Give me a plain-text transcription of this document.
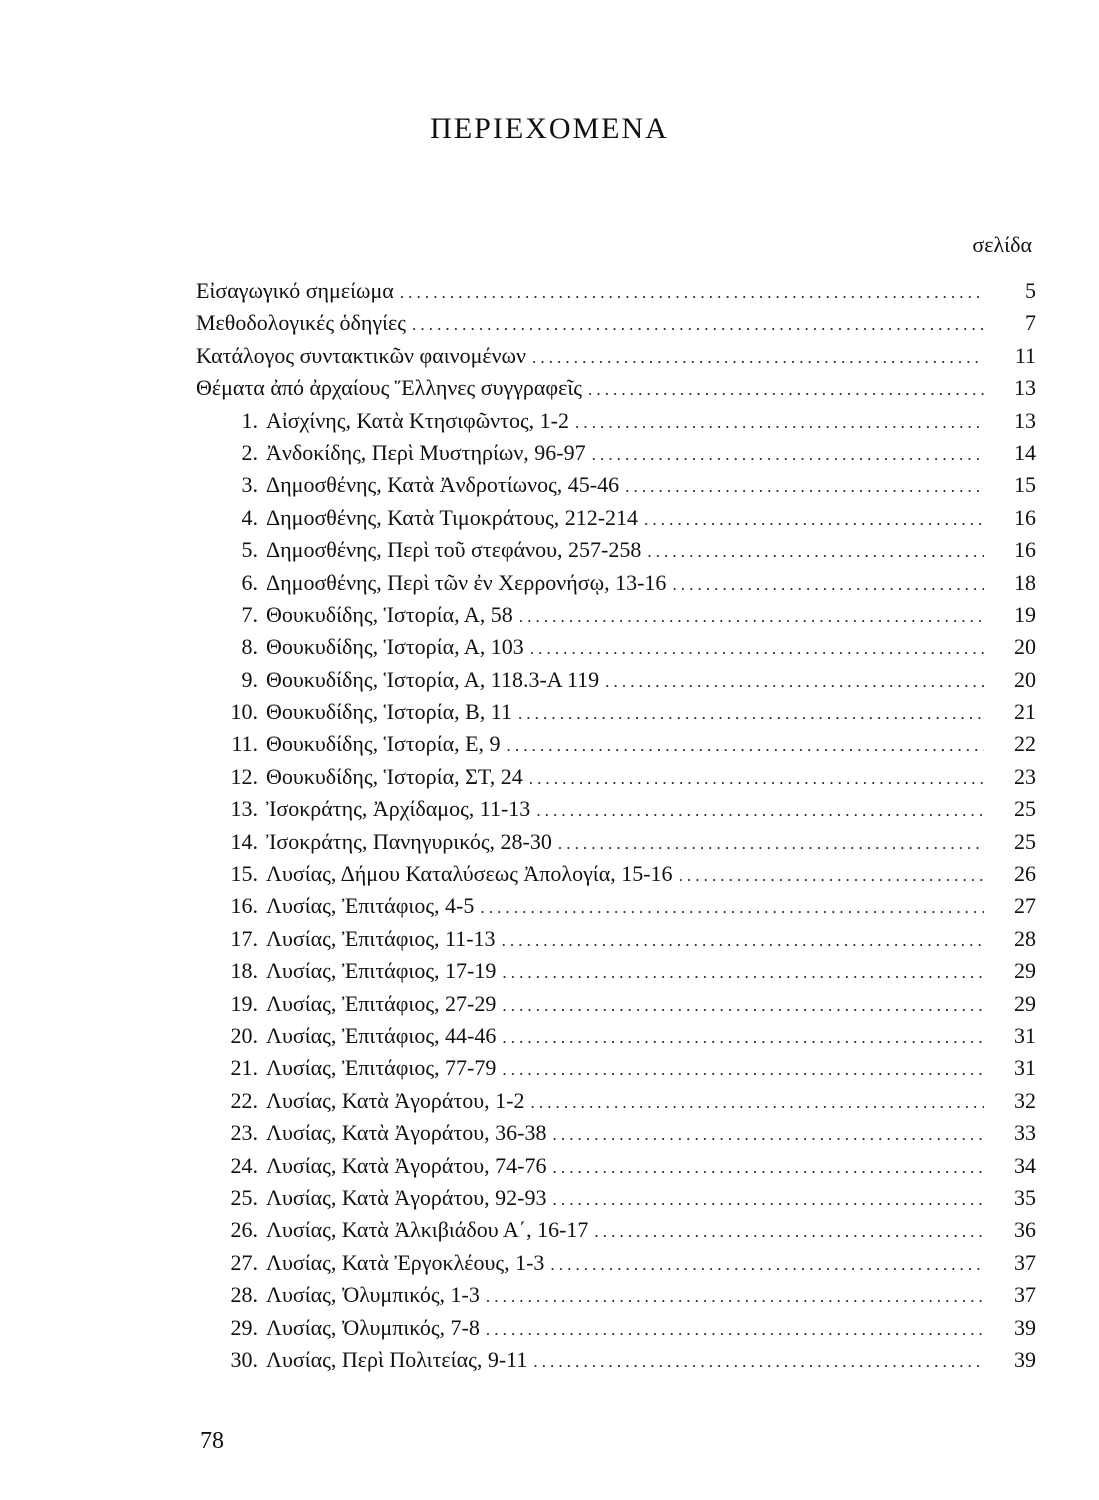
ΠΕΡΙΕΧΟΜΕΝΑ
σελίδα
Εἰσαγωγικό σημείωμα .....	5
Μεθοδολογικές ὁδηγίες .....	7
Κατάλογος συντακτικῶν φαινομένων .....	11
Θέματα ἀπό ἀρχαίους Ἕλληνες συγγραφεῖς .....	13
1. Αἰσχίνης, Κατὰ Κτησιφῶντος, 1-2 .....	13
2. Ἀνδοκίδης, Περὶ Μυστηρίων, 96-97 .....	14
3. Δημοσθένης, Κατὰ Ἀνδροτίωνος, 45-46 .....	15
4. Δημοσθένης, Κατὰ Τιμοκράτους, 212-214 .....	16
5. Δημοσθένης, Περὶ τοῦ στεφάνου, 257-258 .....	16
6. Δημοσθένης, Περὶ τῶν ἐν Χερρονήσῳ, 13-16 .....	18
7. Θουκυδίδης, Ἱστορία, Α, 58 .....	19
8. Θουκυδίδης, Ἱστορία, Α, 103 .....	20
9. Θουκυδίδης, Ἱστορία, Α, 118.3-Α 119 .....	20
10. Θουκυδίδης, Ἱστορία, Β, 11 .....	21
11. Θουκυδίδης, Ἱστορία, Ε, 9 .....	22
12. Θουκυδίδης, Ἱστορία, ΣΤ, 24 .....	23
13. Ἰσοκράτης, Ἀρχίδαμος, 11-13 .....	25
14. Ἰσοκράτης, Πανηγυρικός, 28-30 .....	25
15. Λυσίας, Δήμου Καταλύσεως Ἀπολογία, 15-16 .....	26
16. Λυσίας, Ἐπιτάφιος, 4-5 .....	27
17. Λυσίας, Ἐπιτάφιος, 11-13 .....	28
18. Λυσίας, Ἐπιτάφιος, 17-19 .....	29
19. Λυσίας, Ἐπιτάφιος, 27-29 .....	29
20. Λυσίας, Ἐπιτάφιος, 44-46 .....	31
21. Λυσίας, Ἐπιτάφιος, 77-79 .....	31
22. Λυσίας, Κατὰ Ἀγοράτου, 1-2 .....	32
23. Λυσίας, Κατὰ Ἀγοράτου, 36-38 .....	33
24. Λυσίας, Κατὰ Ἀγοράτου, 74-76 .....	34
25. Λυσίας, Κατὰ Ἀγοράτου, 92-93 .....	35
26. Λυσίας, Κατὰ Ἀλκιβιάδου Α΄, 16-17 .....	36
27. Λυσίας, Κατὰ Ἐργοκλέους, 1-3 .....	37
28. Λυσίας, Ὀλυμπικός, 1-3 .....	37
29. Λυσίας, Ὀλυμπικός, 7-8 .....	39
30. Λυσίας, Περὶ Πολιτείας, 9-11 .....	39
78
